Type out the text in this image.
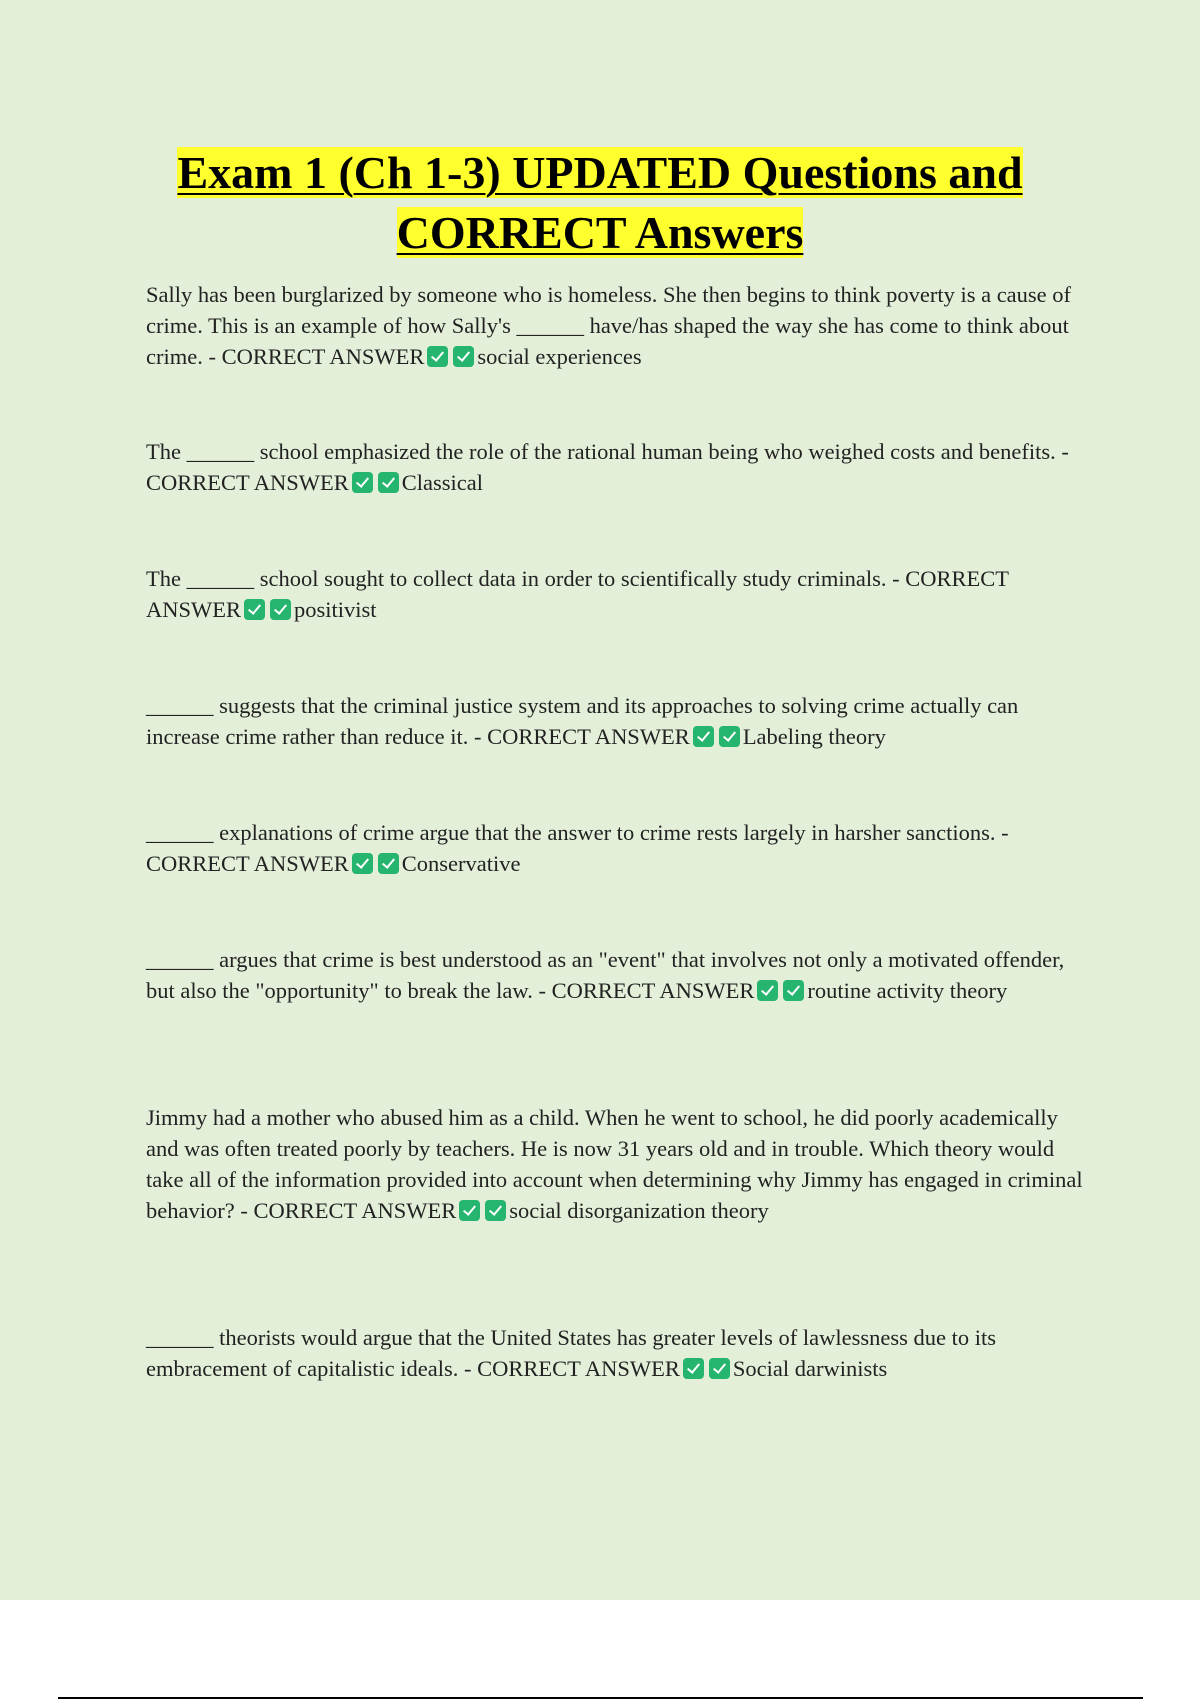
Exam 1 (Ch 1-3) UPDATED Questions and
CORRECT Answers
Sally has been burglarized by someone who is homeless. She then begins to think poverty is a cause of crime. This is an example of how Sally's ______ have/has shaped the way she has come to think about crime. - CORRECT ANSWER social experiences
The ______ school emphasized the role of the rational human being who weighed costs and benefits. - CORRECT ANSWER Classical
The ______ school sought to collect data in order to scientifically study criminals. - CORRECT ANSWER positivist
______ suggests that the criminal justice system and its approaches to solving crime actually can increase crime rather than reduce it. - CORRECT ANSWER Labeling theory
______ explanations of crime argue that the answer to crime rests largely in harsher sanctions. - CORRECT ANSWER Conservative
______ argues that crime is best understood as an "event" that involves not only a motivated offender, but also the "opportunity" to break the law. - CORRECT ANSWER routine activity theory
Jimmy had a mother who abused him as a child. When he went to school, he did poorly academically and was often treated poorly by teachers. He is now 31 years old and in trouble. Which theory would take all of the information provided into account when determining why Jimmy has engaged in criminal behavior? - CORRECT ANSWER social disorganization theory
______ theorists would argue that the United States has greater levels of lawlessness due to its embracement of capitalistic ideals. - CORRECT ANSWER Social darwinists
